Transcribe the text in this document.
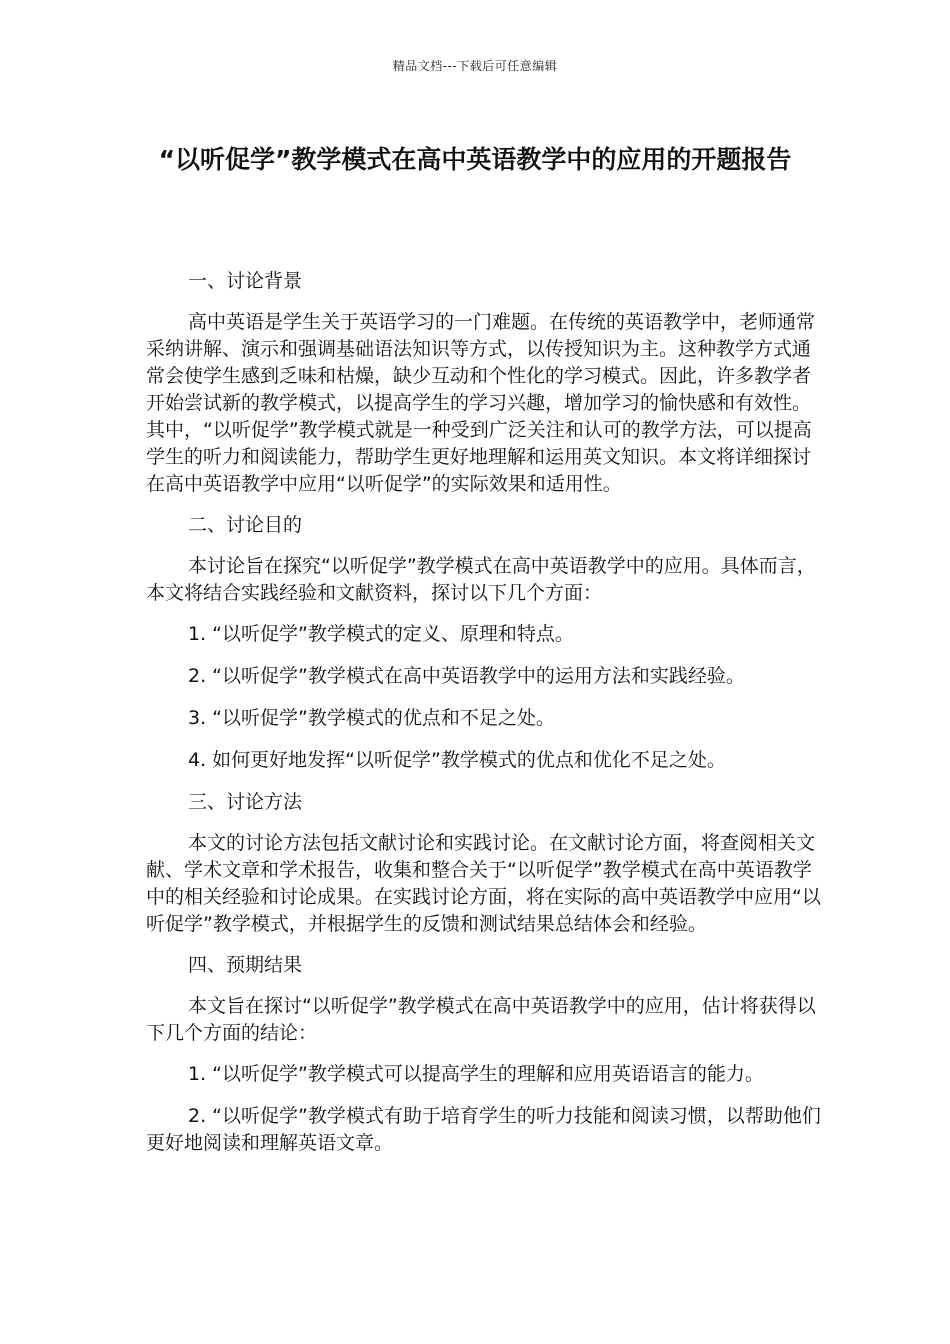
精品文档---下载后可任意编辑
“以听促学”教学模式在高中英语教学中的应用的开题报告

一、讨论背景

高中英语是学生关于英语学习的一门难题。在传统的英语教学中，老师通常采纳讲解、演示和强调基础语法知识等方式，以传授知识为主。这种教学方式通常会使学生感到乏味和枯燥，缺少互动和个性化的学习模式。因此，许多教学者开始尝试新的教学模式，以提高学生的学习兴趣，增加学习的愉快感和有效性。其中，“以听促学”教学模式就是一种受到广泛关注和认可的教学方法，可以提高学生的听力和阅读能力，帮助学生更好地理解和运用英文知识。本文将详细探讨在高中英语教学中应用“以听促学”的实际效果和适用性。

二、讨论目的

本讨论旨在探究“以听促学”教学模式在高中英语教学中的应用。具体而言，本文将结合实践经验和文献资料，探讨以下几个方面：

1. “以听促学”教学模式的定义、原理和特点。

2. “以听促学”教学模式在高中英语教学中的运用方法和实践经验。

3. “以听促学”教学模式的优点和不足之处。

4. 如何更好地发挥“以听促学”教学模式的优点和优化不足之处。

三、讨论方法

本文的讨论方法包括文献讨论和实践讨论。在文献讨论方面，将查阅相关文献、学术文章和学术报告，收集和整合关于“以听促学”教学模式在高中英语教学中的相关经验和讨论成果。在实践讨论方面，将在实际的高中英语教学中应用“以听促学”教学模式，并根据学生的反馈和测试结果总结体会和经验。

四、预期结果

本文旨在探讨“以听促学”教学模式在高中英语教学中的应用，估计将获得以下几个方面的结论：

1. “以听促学”教学模式可以提高学生的理解和应用英语语言的能力。

2. “以听促学”教学模式有助于培育学生的听力技能和阅读习惯，以帮助他们更好地阅读和理解英语文章。
